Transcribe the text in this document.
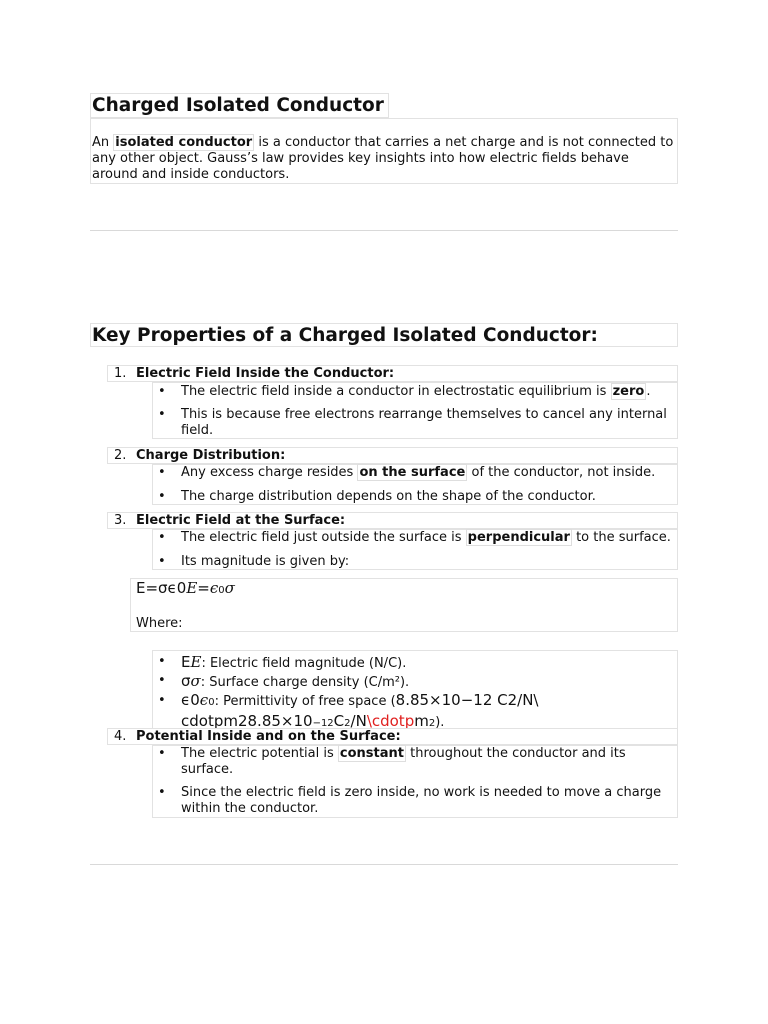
Charged Isolated Conductor
An isolated conductor is a conductor that carries a net charge and is not connected to
any other object. Gauss’s law provides key insights into how electric fields behave
around and inside conductors.
Key Properties of a Charged Isolated Conductor:
1. Electric Field Inside the Conductor:
• The electric field inside a conductor in electrostatic equilibrium is zero .
• This is because free electrons rearrange themselves to cancel any internal
field.
2. Charge Distribution:
• Any excess charge resides on the surface of the conductor, not inside.
• The charge distribution depends on the shape of the conductor.
3. Electric Field at the Surface:
• The electric field just outside the surface is perpendicular to the surface.
• Its magnitude is given by:
E=σϵ0E=ϵ0σ
Where:
• EE: Electric field magnitude (N/C).
• σσ: Surface charge density (C/m²).
• ϵ0ϵ0: Permittivity of free space (8.85×10−12 C2/N\
cdotpm28.85×10−12C2/N\cdotpm2).
4. Potential Inside and on the Surface:
• The electric potential is constant throughout the conductor and its
surface.
• Since the electric field is zero inside, no work is needed to move a charge
within the conductor.
